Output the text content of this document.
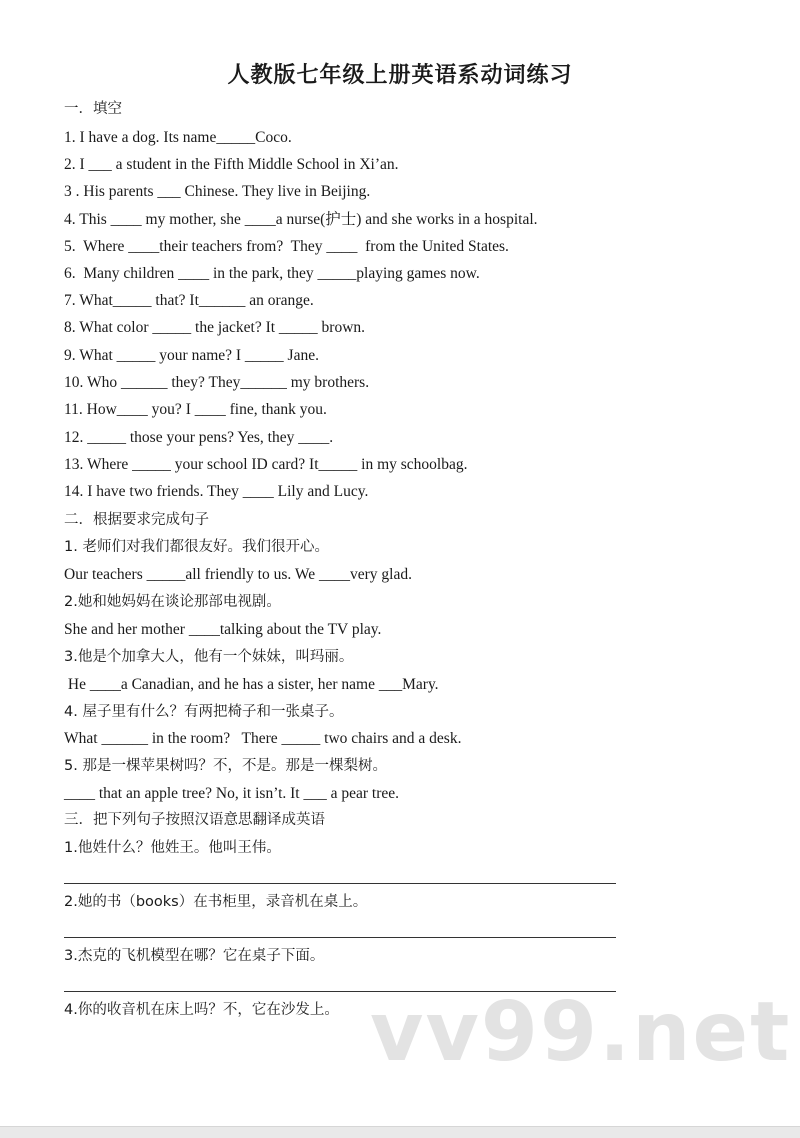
人教版七年级上册英语系动词练习
一．填空
1. I have a dog. Its name_____Coco.
2. I ___ a student in the Fifth Middle School in Xi’an.
3 . His parents ___ Chinese. They live in Beijing.
4. This ____ my mother, she ____a nurse(护士) and she works in a hospital.
5.  Where ____their teachers from?  They ____  from the United States.
6.  Many children ____ in the park, they _____playing games now.
7. What_____ that? It______ an orange.
8. What color _____ the jacket? It _____ brown.
9. What _____ your name? I _____ Jane.
10. Who ______ they? They______ my brothers.
11. How____ you? I ____ fine, thank you.
12. _____ those your pens? Yes, they ____.
13. Where _____ your school ID card? It_____ in my schoolbag.
14. I have two friends. They ____ Lily and Lucy.
二．根据要求完成句子
1. 老师们对我们都很友好。我们很开心。
Our teachers _____all friendly to us. We ____very glad.
2.她和她妈妈在谈论那部电视剧。
She and her mother ____talking about the TV play.
3.他是个加拿大人，他有一个妹妹，叫玛丽。
He ____a Canadian, and he has a sister, her name ___Mary.
4. 屋子里有什么？有两把椅子和一张桌子。
What ______ in the room?   There _____ two chairs and a desk.
5. 那是一棵苹果树吗？不，不是。那是一棵梨树。
____ that an apple tree? No, it isn’t. It ___ a pear tree.
三．把下列句子按照汉语意思翻译成英语
1.他姓什么？他姓王。他叫王伟。
2.她的书（books）在书柜里，录音机在桌上。
3.杰克的飞机模型在哪？它在桌子下面。
4.你的收音机在床上吗？不，它在沙发上。 vv99.net
